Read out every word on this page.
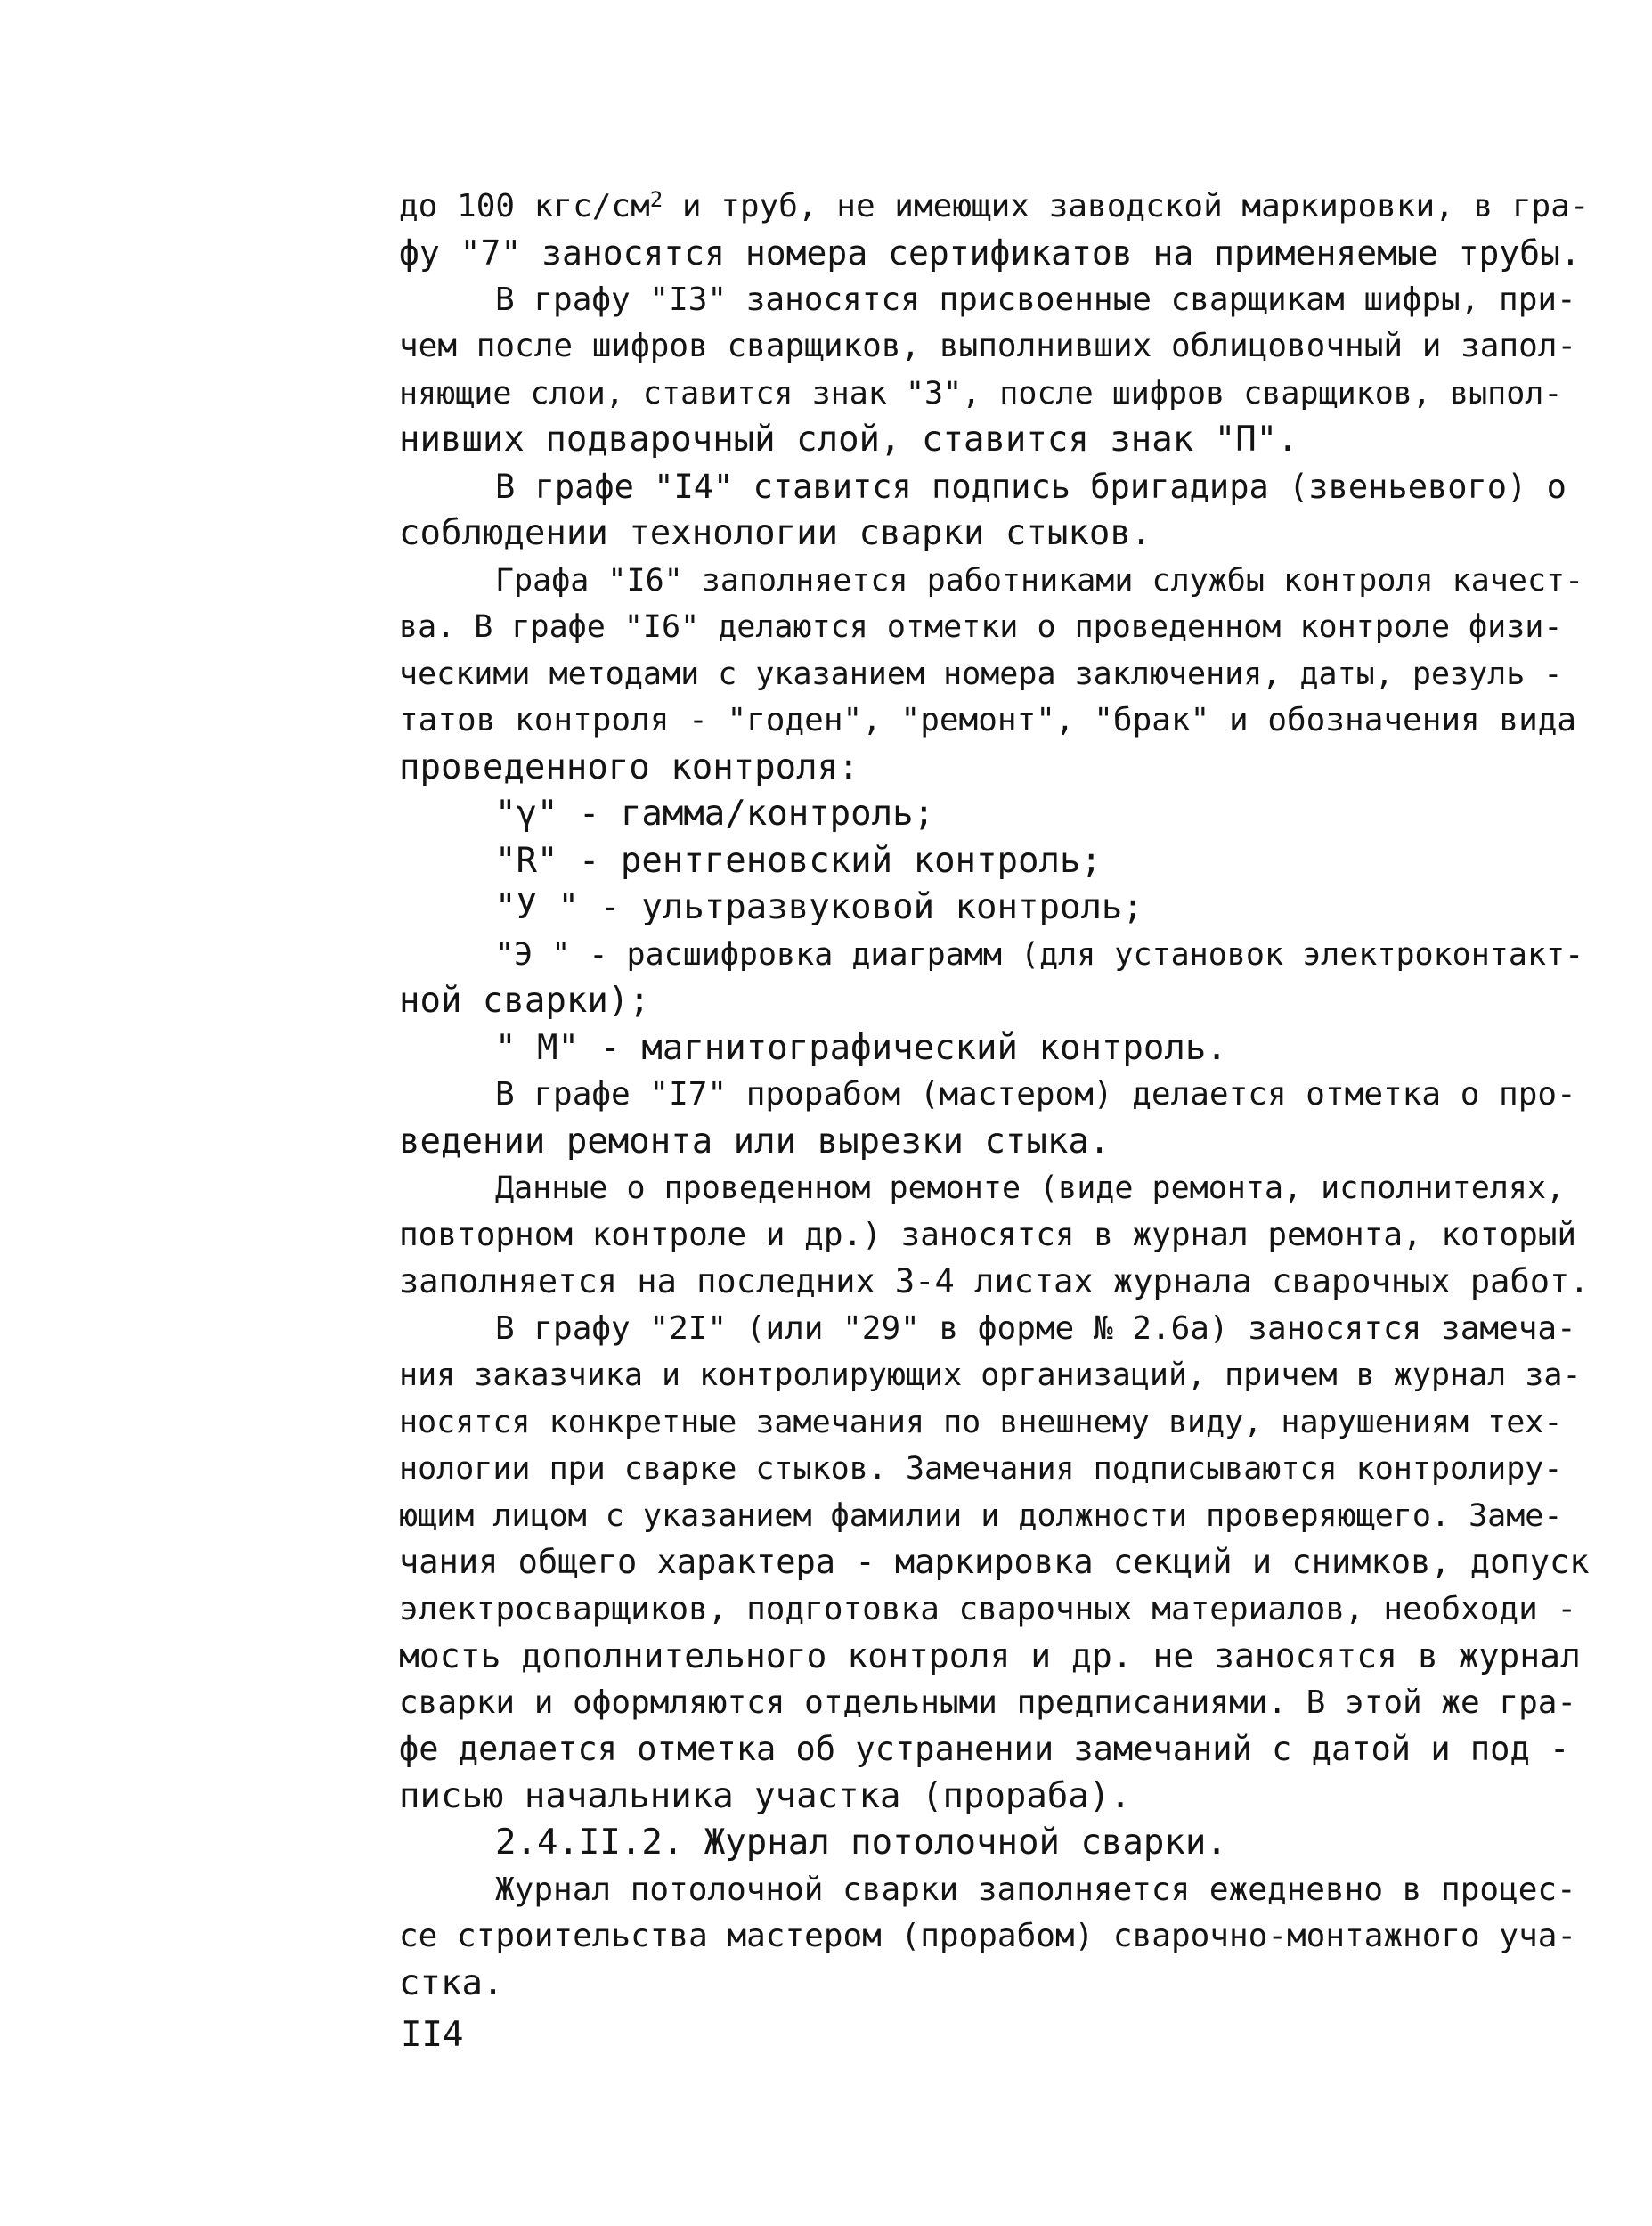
до 100 кгс/$см^2$ и труб, не имеющих заводской маркировки, в гра-
фу "7" заносятся номера сертификатов на применяемые трубы.
В графу "I3" заносятся присвоенные сварщикам шифры, при-
чем после шифров сварщиков, выполнивших облицовочный и запол-
няющие слои, ставится знак "З", после шифров сварщиков, выпол-
нивших подварочный слой, ставится знак "П".
В графе "I4" ставится подпись бригадира (звеньевого) о
соблюдении технологии сварки стыков.
Графа "I6" заполняется работниками службы контроля качест-
ва. В графе "I6" делаются отметки о проведенном контроле физи-
ческими методами с указанием номера заключения, даты, резуль -
татов контроля - "годен", "ремонт", "брак" и обозначения вида
проведенного контроля:
"γ" - гамма/контроль;
"R" - рентгеновский контроль;
"У " - ультразвуковой контроль;
"Э " - расшифровка диаграмм (для установок электроконтакт-
ной сварки);
" М" - магнитографический контроль.
В графе "I7" прорабом (мастером) делается отметка о про-
ведении ремонта или вырезки стыка.
Данные о проведенном ремонте (виде ремонта, исполнителях,
повторном контроле и др.) заносятся в журнал ремонта, который
заполняется на последних 3-4 листах журнала сварочных работ.
В графу "2I" (или "29" в форме № 2.6а) заносятся замеча-
ния заказчика и контролирующих организаций, причем в журнал за-
носятся конкретные замечания по внешнему виду, нарушениям тех-
нологии при сварке стыков. Замечания подписываются контролиру-
ющим лицом с указанием фамилии и должности проверяющего. Заме-
чания общего характера - маркировка секций и снимков, допуск
электросварщиков, подготовка сварочных материалов, необходи -
мость дополнительного контроля и др. не заносятся в журнал
сварки и оформляются отдельными предписаниями. В этой же гра-
фе делается отметка об устранении замечаний с датой и под -
писью начальника участка (прораба).
2.4.II.2. Журнал потолочной сварки.
Журнал потолочной сварки заполняется ежедневно в процес-
се строительства мастером (прорабом) сварочно-монтажного уча-
стка.
II4
